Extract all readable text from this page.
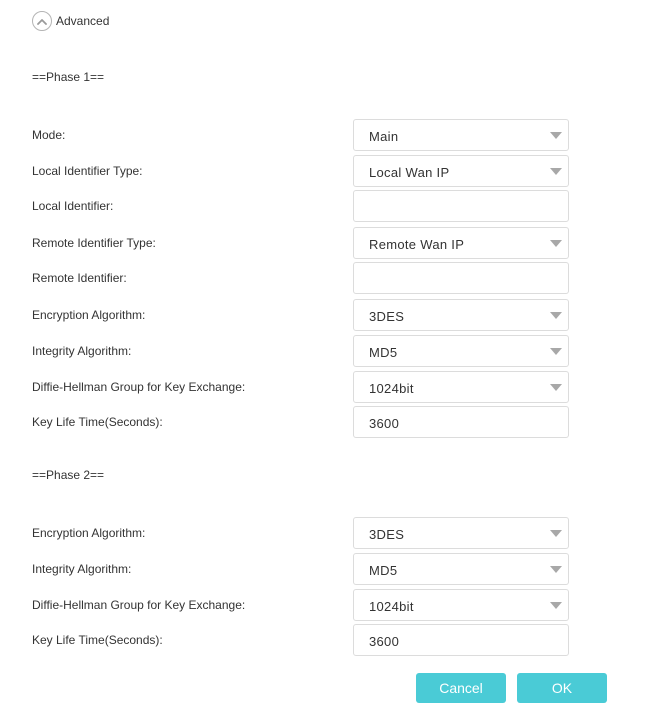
Advanced
==Phase 1==
Mode:	Main
Local Identifier Type:	Local Wan IP
Local Identifier:
Remote Identifier Type:	Remote Wan IP
Remote Identifier:
Encryption Algorithm:	3DES
Integrity Algorithm:	MD5
Diffie-Hellman Group for Key Exchange:	1024bit
Key Life Time(Seconds):	3600
==Phase 2==
Encryption Algorithm:	3DES
Integrity Algorithm:	MD5
Diffie-Hellman Group for Key Exchange:	1024bit
Key Life Time(Seconds):	3600
Cancel	OK
